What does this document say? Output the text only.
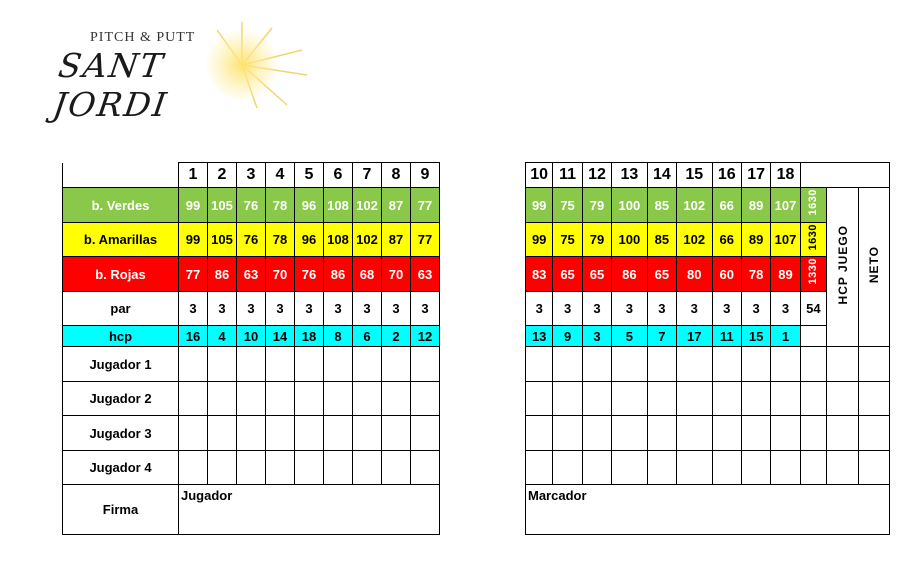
PITCH & PUTT
SANT JORDI
	1	2	3	4	5	6	7	8	9
b. Verdes	99	105	76	78	96	108	102	87	77
b. Amarillas	99	105	76	78	96	108	102	87	77
b. Rojas	77	86	63	70	76	86	68	70	63
par	3	3	3	3	3	3	3	3	3
hcp	16	4	10	14	18	8	6	2	12
Jugador 1									
Jugador 2									
Jugador 3									
Jugador 4									
Firma	Jugador								
10	11	12	13	14	15	16	17	18			
99	75	79	100	85	102	66	89	107	1630	HCP JUEGO	NETO
99	75	79	100	85	102	66	89	107	1630		
83	65	65	86	65	80	60	78	89	1330		
3	3	3	3	3	3	3	3	3	54		
13	9	3	5	7	17	11	15	1			

Marcador											
